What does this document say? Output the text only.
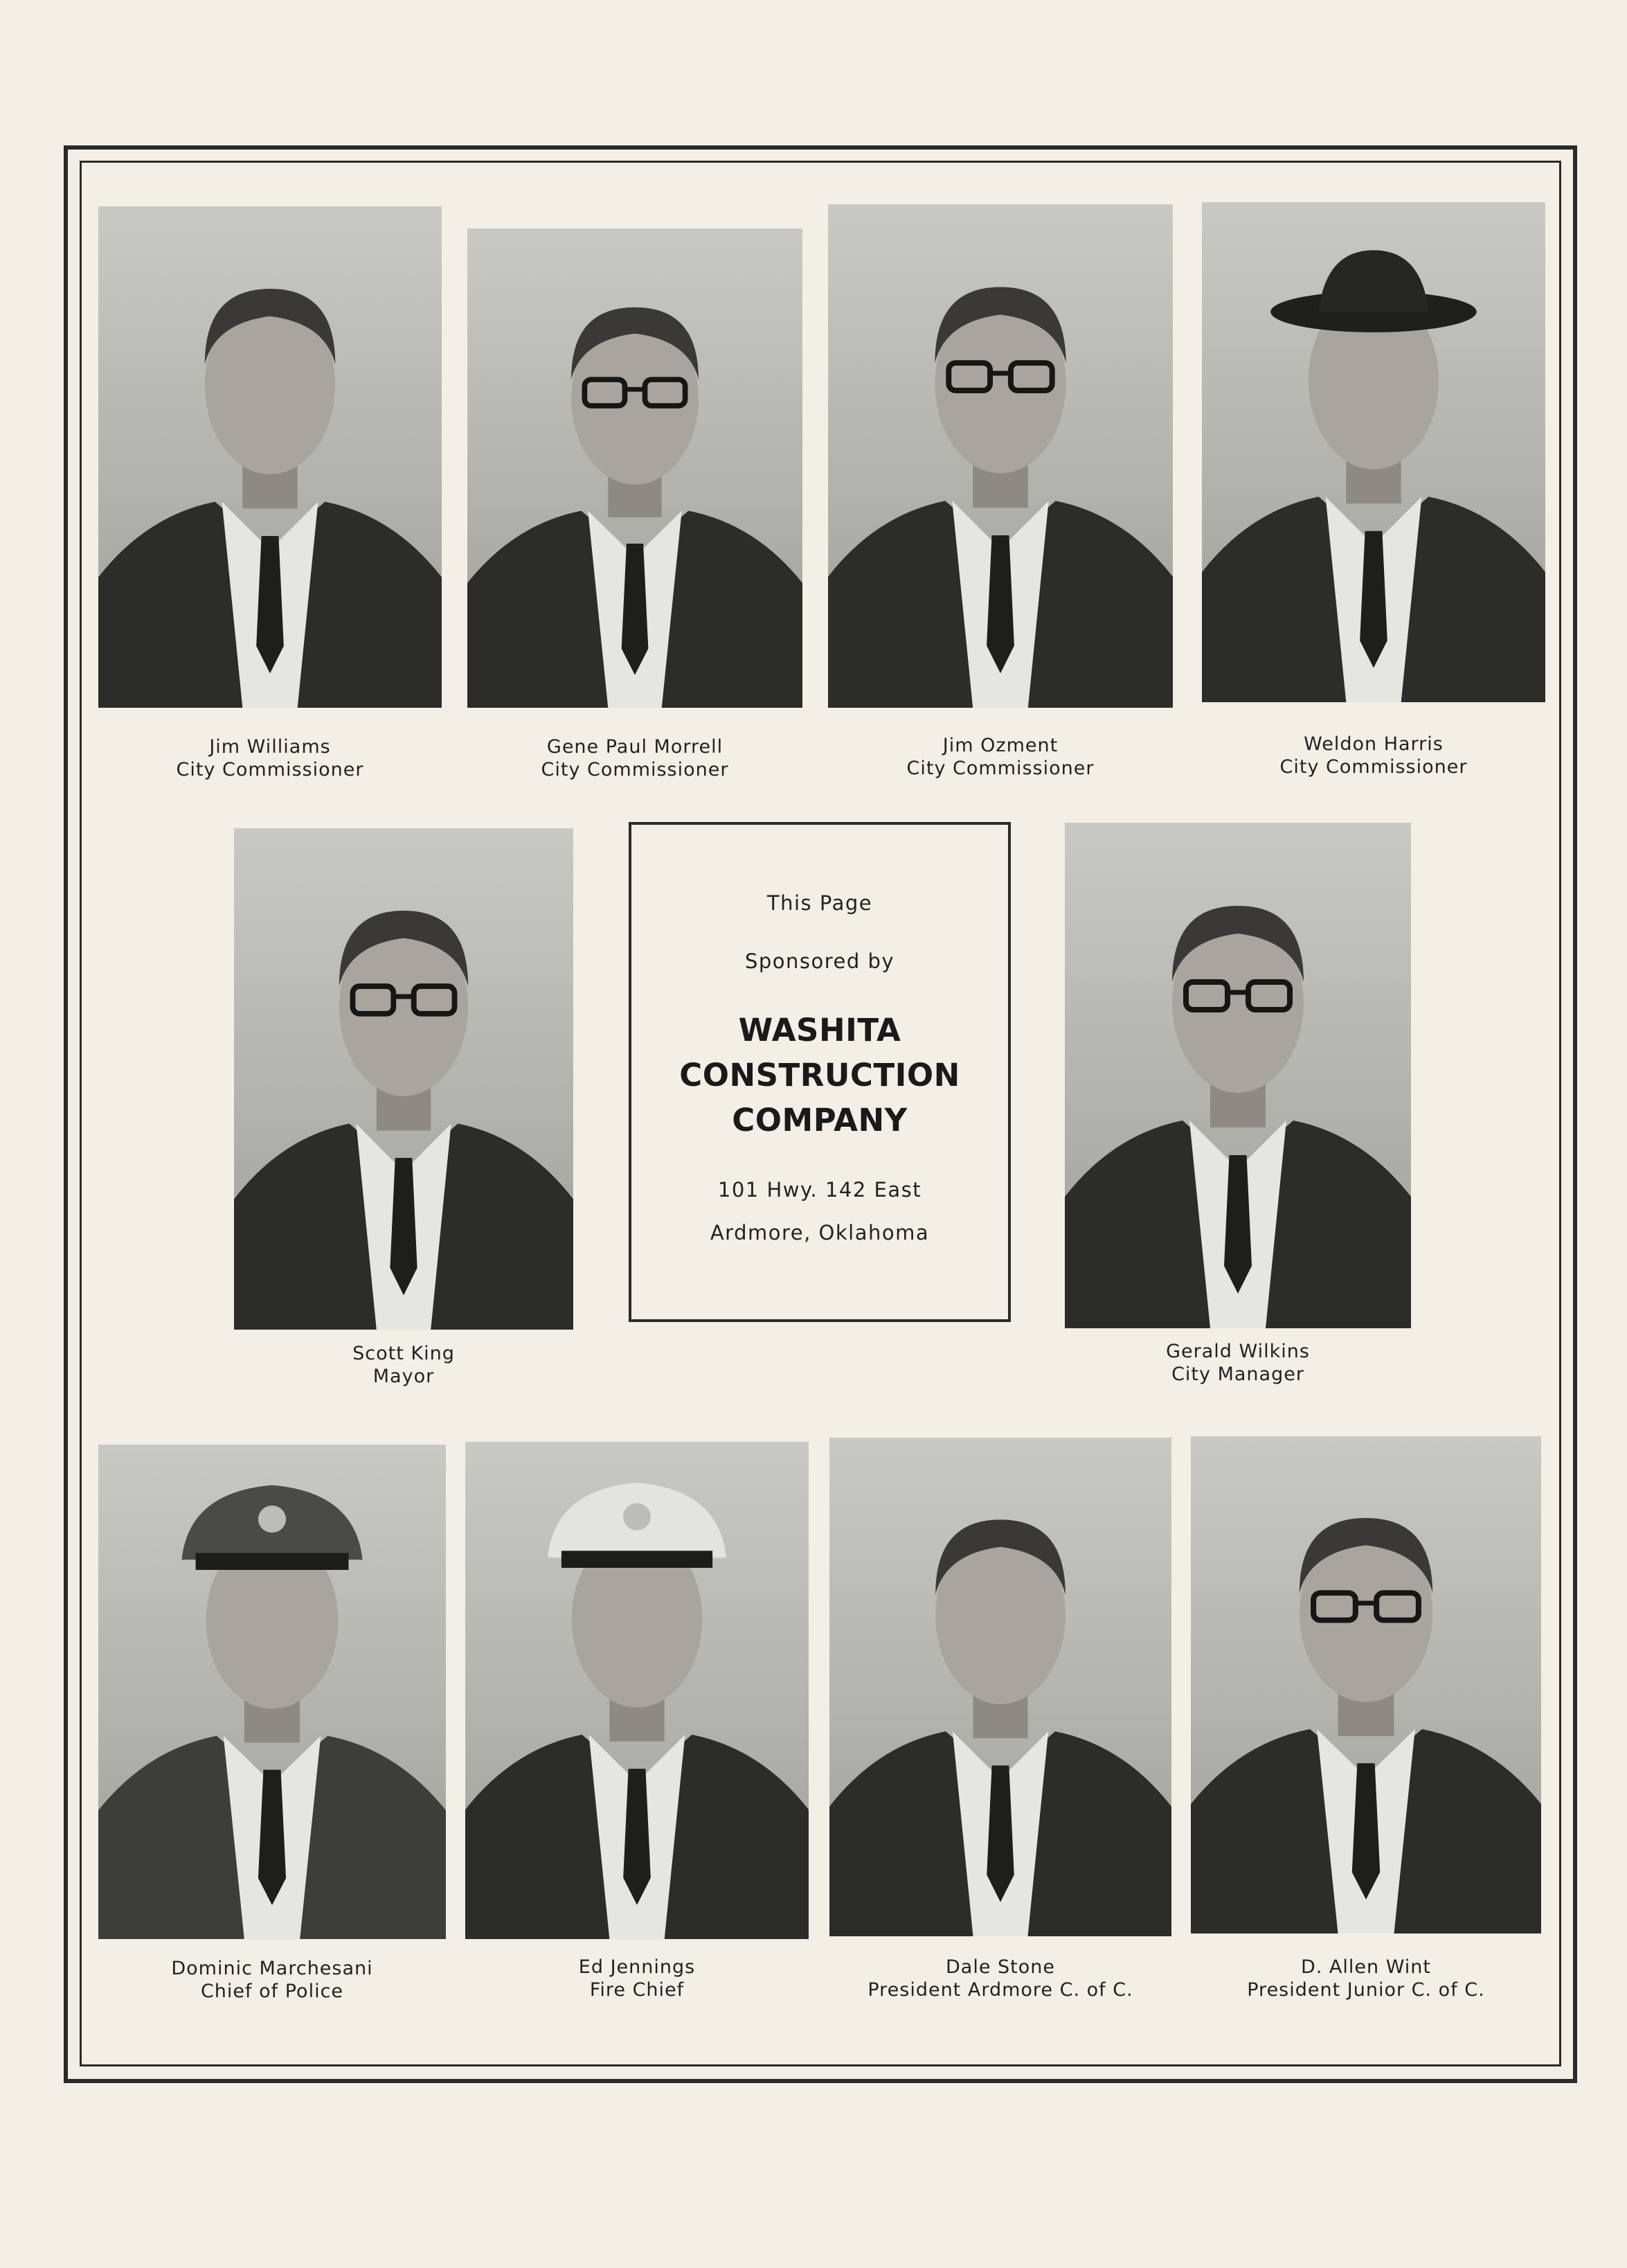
Jim Williams
City Commissioner
Gene Paul Morrell
City Commissioner
Jim Ozment
City Commissioner
Weldon Harris
City Commissioner
Scott King
Mayor
This Page
Sponsored by
WASHITA
CONSTRUCTION
COMPANY
101 Hwy. 142 East
Ardmore, Oklahoma
Gerald Wilkins
City Manager
Dominic Marchesani
Chief of Police
Ed Jennings
Fire Chief
Dale Stone
President Ardmore C. of C.
D. Allen Wint
President Junior C. of C.
